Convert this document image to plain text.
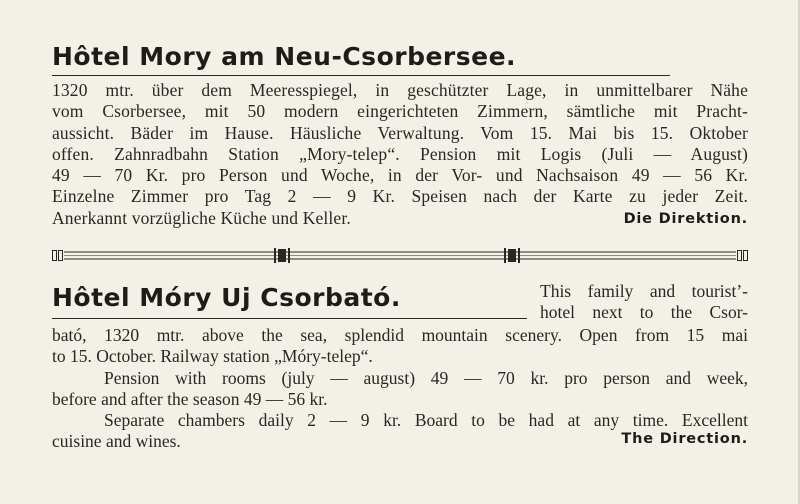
Hôtel Mory am Neu-Csorbersee.
1320 mtr. über dem Meeresspiegel, in geschützter Lage, in unmittelbarer Nähe
vom Csorbersee, mit 50 modern eingerichteten Zimmern, sämtliche mit Pracht-
aussicht. Bäder im Hause. Häusliche Verwaltung. Vom 15. Mai bis 15. Oktober
offen. Zahnradbahn Station „Mory-telep“. Pension mit Logis (Juli — August)
49 — 70 Kr. pro Person und Woche, in der Vor- und Nachsaison 49 — 56 Kr.
Einzelne Zimmer pro Tag 2 — 9 Kr. Speisen nach der Karte zu jeder Zeit.
Anerkannt vorzügliche Küche und Keller.	Die Direktion.
Hôtel Móry Uj Csorbató.	This family and tourist’-
hotel next to the Csor-
bató, 1320 mtr. above the sea, splendid mountain scenery. Open from 15 mai
to 15. October. Railway station „Móry-telep“.
Pension with rooms (july — august) 49 — 70 kr. pro person and week,
before and after the season 49 — 56 kr.
Separate chambers daily 2 — 9 kr. Board to be had at any time. Excellent
cuisine and wines.	The Direction.
